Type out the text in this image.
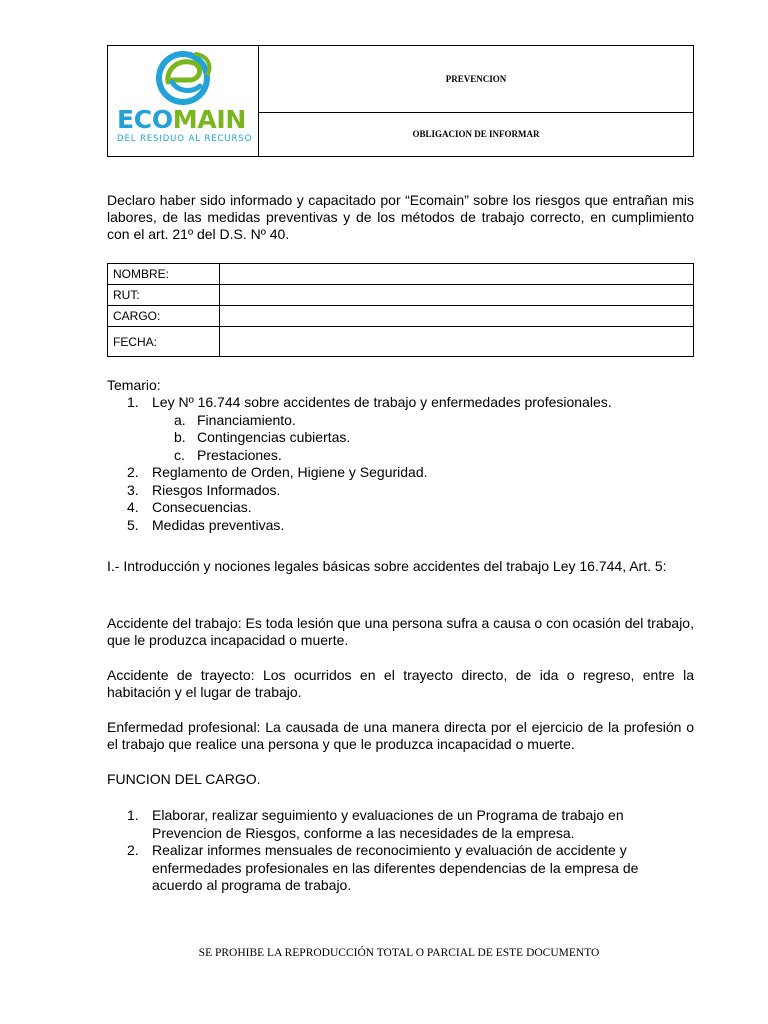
ECOMAIN
DEL RESIDUO AL RECURSO
PREVENCION
OBLIGACION DE INFORMAR
Declaro haber sido informado y capacitado por “Ecomain” sobre los riesgos que entrañan mis labores, de las medidas preventivas y de los métodos de trabajo correcto, en cumplimiento con el art. 21º del D.S. Nº 40.
NOMBRE:	
RUT:	
CARGO:	
FECHA:	
Temario:
1. Ley Nº 16.744 sobre accidentes de trabajo y enfermedades profesionales.
a. Financiamiento.
b. Contingencias cubiertas.
c. Prestaciones.
2. Reglamento de Orden, Higiene y Seguridad.
3. Riesgos Informados.
4. Consecuencias.
5. Medidas preventivas.
I.- Introducción y nociones legales básicas sobre accidentes del trabajo Ley 16.744, Art. 5:
Accidente del trabajo: Es toda lesión que una persona sufra a causa o con ocasión del trabajo, que le produzca incapacidad o muerte.
Accidente de trayecto: Los ocurridos en el trayecto directo, de ida o regreso, entre la habitación y el lugar de trabajo.
Enfermedad profesional: La causada de una manera directa por el ejercicio de la profesión o el trabajo que realice una persona y que le produzca incapacidad o muerte.
FUNCION DEL CARGO.
1. Elaborar, realizar seguimiento y evaluaciones de un Programa de trabajo en Prevencion de Riesgos, conforme a las necesidades de la empresa.
2. Realizar informes mensuales de reconocimiento y evaluación de accidente y enfermedades profesionales en las diferentes dependencias de la empresa de acuerdo al programa de trabajo.
SE PROHIBE LA REPRODUCCIÓN TOTAL O PARCIAL DE ESTE DOCUMENTO
